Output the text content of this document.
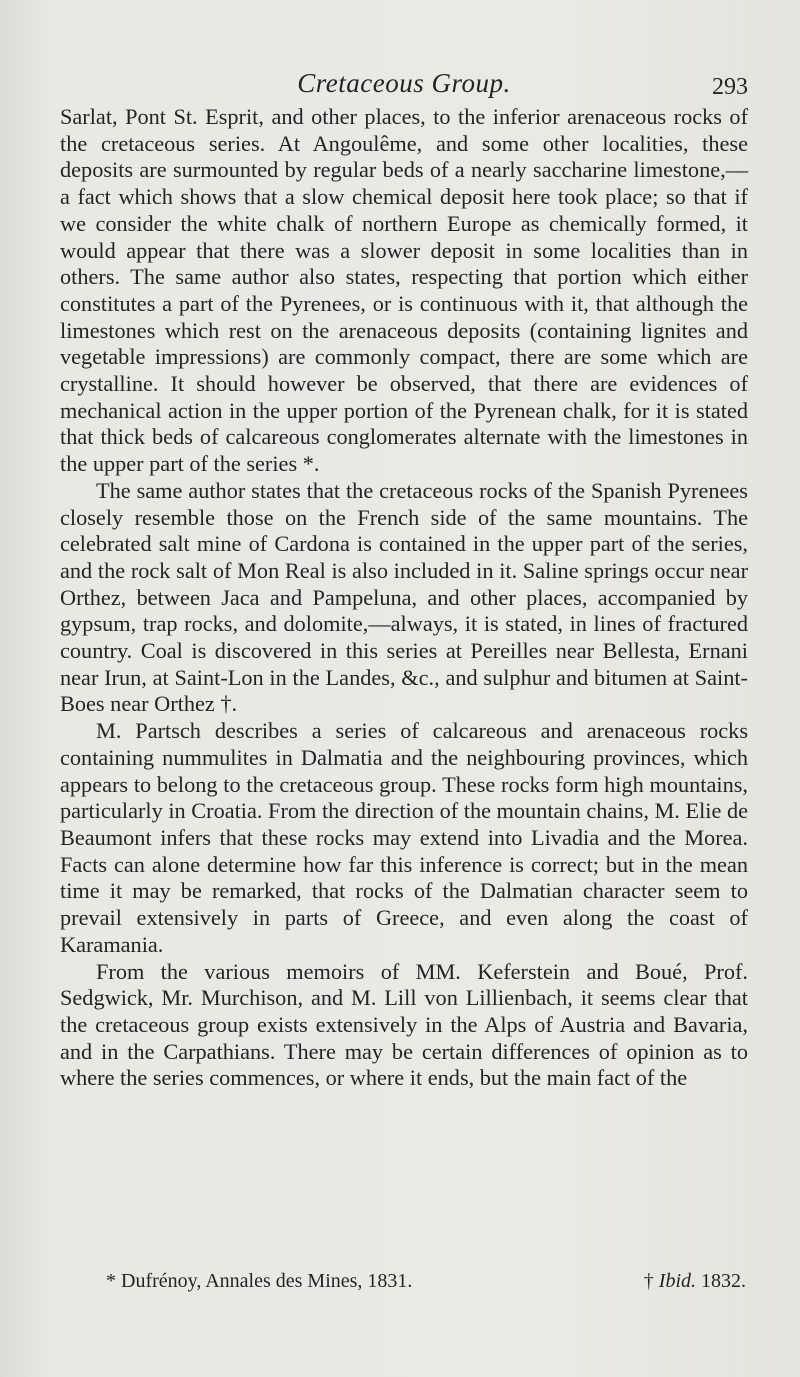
Cretaceous Group.	293

Sarlat, Pont St. Esprit, and other places, to the inferior arenaceous rocks of the cretaceous series. At Angoulême, and some other localities, these deposits are surmounted by regular beds of a nearly saccharine limestone,—a fact which shows that a slow chemical deposit here took place; so that if we consider the white chalk of northern Europe as chemically formed, it would appear that there was a slower deposit in some localities than in others. The same author also states, respecting that portion which either constitutes a part of the Pyrenees, or is continuous with it, that although the limestones which rest on the arenaceous deposits (containing lignites and vegetable impressions) are commonly compact, there are some which are crystalline. It should however be observed, that there are evidences of mechanical action in the upper portion of the Pyrenean chalk, for it is stated that thick beds of calcareous conglomerates alternate with the limestones in the upper part of the series *.

The same author states that the cretaceous rocks of the Spanish Pyrenees closely resemble those on the French side of the same mountains. The celebrated salt mine of Cardona is contained in the upper part of the series, and the rock salt of Mon Real is also included in it. Saline springs occur near Orthez, between Jaca and Pampeluna, and other places, accompanied by gypsum, trap rocks, and dolomite,—always, it is stated, in lines of fractured country. Coal is discovered in this series at Pereilles near Bellesta, Ernani near Irun, at Saint-Lon in the Landes, &c., and sulphur and bitumen at Saint-Boes near Orthez †.

M. Partsch describes a series of calcareous and arenaceous rocks containing nummulites in Dalmatia and the neighbouring provinces, which appears to belong to the cretaceous group. These rocks form high mountains, particularly in Croatia. From the direction of the mountain chains, M. Elie de Beaumont infers that these rocks may extend into Livadia and the Morea. Facts can alone determine how far this inference is correct; but in the mean time it may be remarked, that rocks of the Dalmatian character seem to prevail extensively in parts of Greece, and even along the coast of Karamania.

From the various memoirs of MM. Keferstein and Boué, Prof. Sedgwick, Mr. Murchison, and M. Lill von Lillienbach, it seems clear that the cretaceous group exists extensively in the Alps of Austria and Bavaria, and in the Carpathians. There may be certain differences of opinion as to where the series commences, or where it ends, but the main fact of the

* Dufrénoy, Annales des Mines, 1831.	† Ibid. 1832.
